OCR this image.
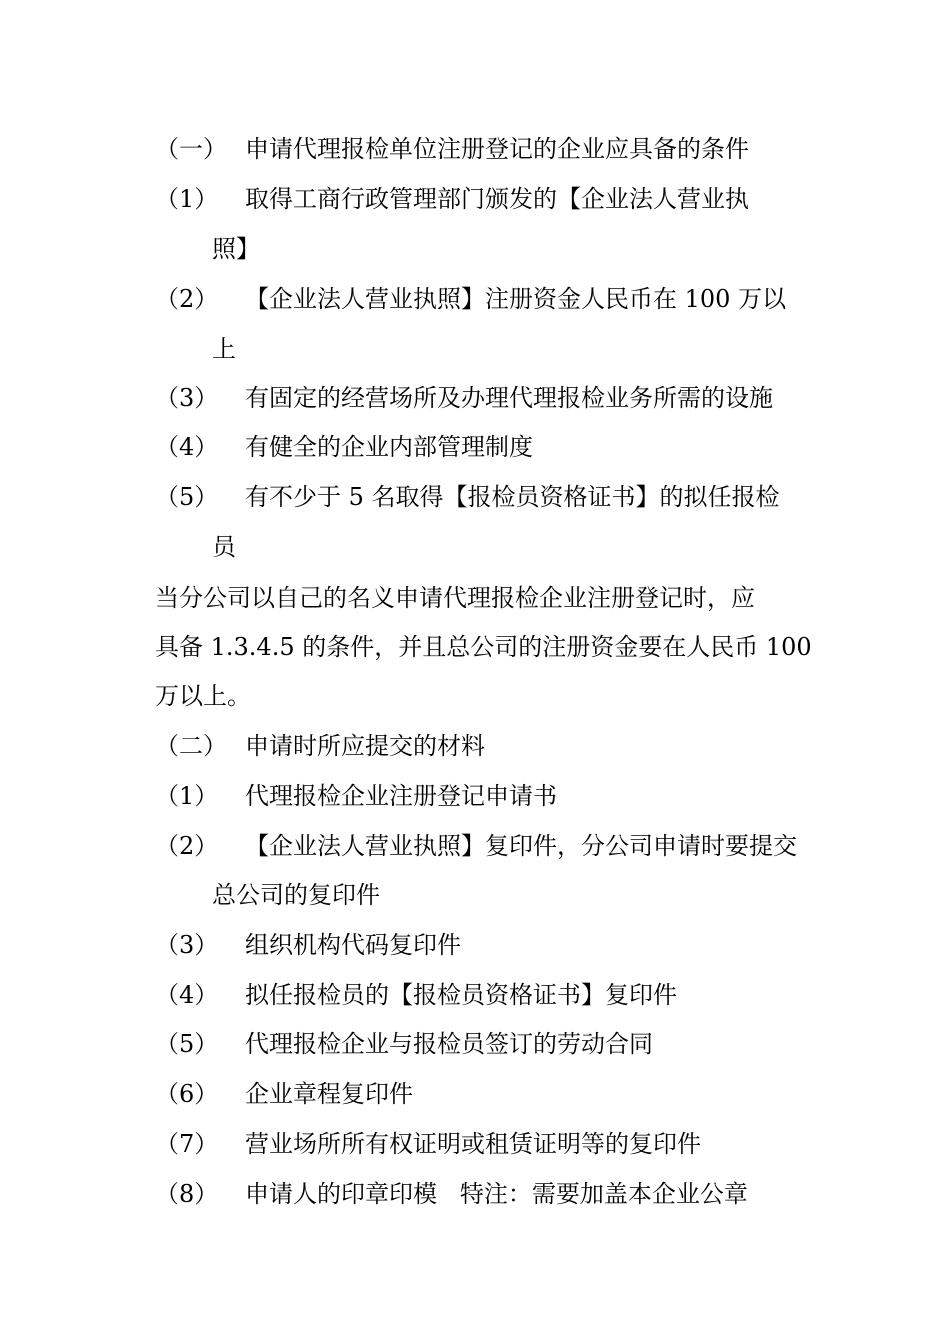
（一） 申请代理报检单位注册登记的企业应具备的条件
（1） 取得工商行政管理部门颁发的【企业法人营业执
照】
（2） 【企业法人营业执照】注册资金人民币在 100 万以
上
（3） 有固定的经营场所及办理代理报检业务所需的设施
（4） 有健全的企业内部管理制度
（5） 有不少于 5 名取得【报检员资格证书】的拟任报检
员
当分公司以自己的名义申请代理报检企业注册登记时，应
具备 1.3.4.5 的条件，并且总公司的注册资金要在人民币 100
万以上。
（二） 申请时所应提交的材料
（1） 代理报检企业注册登记申请书
（2） 【企业法人营业执照】复印件，分公司申请时要提交
总公司的复印件
（3） 组织机构代码复印件
（4） 拟任报检员的【报检员资格证书】复印件
（5） 代理报检企业与报检员签订的劳动合同
（6） 企业章程复印件
（7） 营业场所所有权证明或租赁证明等的复印件
（8） 申请人的印章印模   特注：需要加盖本企业公章
